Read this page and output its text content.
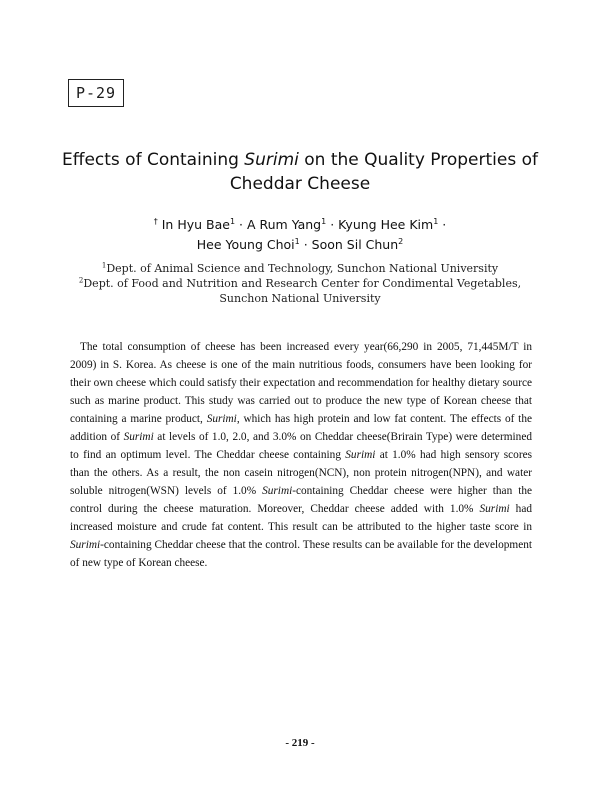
P-29
Effects of Containing Surimi on the Quality Properties of
Cheddar Cheese
† In Hyu Bae$^1$ · A Rum Yang$^1$ · Kyung Hee Kim$^1$ ·
Hee Young Choi$^1$ · Soon Sil Chun$^2$
$^1$Dept. of Animal Science and Technology, Sunchon National University
$^2$Dept. of Food and Nutrition and Research Center for Condimental Vegetables,
Sunchon National University

The total consumption of cheese has been increased every year(66,290 in 2005, 71,445M/T in 2009) in S. Korea. As cheese is one of the main nutritious foods, consumers have been looking for their own cheese which could satisfy their expectation and recommendation for healthy dietary source such as marine product. This study was carried out to produce the new type of Korean cheese that containing a marine product, Surimi, which has high protein and low fat content. The effects of the addition of Surimi at levels of 1.0, 2.0, and 3.0% on Cheddar cheese(Brirain Type) were determined to find an optimum level. The Cheddar cheese containing Surimi at 1.0% had high sensory scores than the others. As a result, the non casein nitrogen(NCN), non protein nitrogen(NPN), and water soluble nitrogen(WSN) levels of 1.0% Surimi-containing Cheddar cheese were higher than the control during the cheese maturation. Moreover, Cheddar cheese added with 1.0% Surimi had increased moisture and crude fat content. This result can be attributed to the higher taste score in Surimi-containing Cheddar cheese that the control. These results can be available for the development of new type of Korean cheese.

- 219 -
